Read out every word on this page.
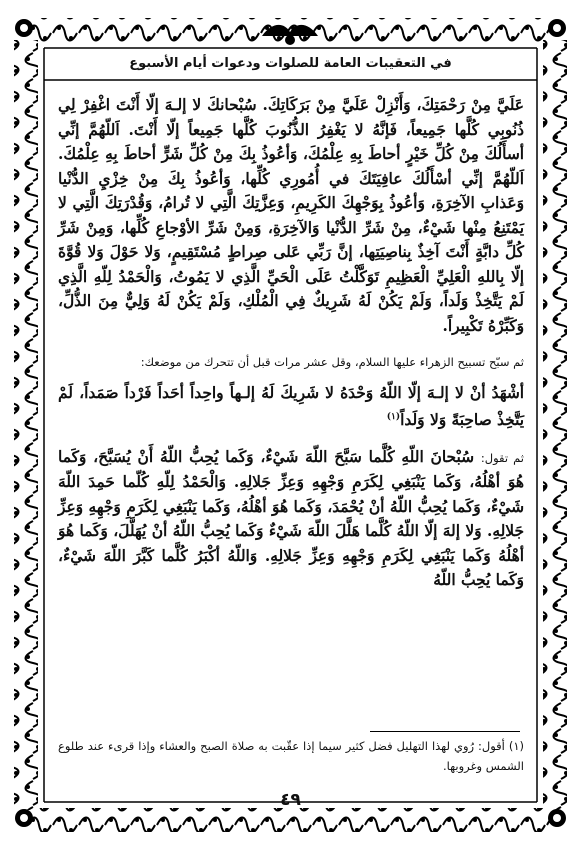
في التعقيبات العامة للصلوات ودعوات أيام الأسبوع

عَلَيَّ مِنْ رَحْمَتِكَ، وَأَنْزِلْ عَلَيَّ مِنْ بَرَكَاتِكَ. سُبْحانكَ لا إلـهَ إلّا أَنْتَ اغْفِرْ لِي ذُنُوبِي كُلَّها جَمِيعاً، فَإنَّهُ لا يَغْفِرُ الذُّنُوبَ كُلَّها جَمِيعاً إلّا أَنْتَ. اَللّهُمَّ إنِّي أسأَلُكَ مِنْ كُلِّ خَيْرٍ أحاطَ بِهِ عِلْمُكَ، وَأعُوذُ بِكَ مِنْ كُلِّ شَرٍّ أحاطَ بِهِ عِلْمُكَ. اَللّهُمَّ إنِّي أسْأَلُكَ عافِيَتَكَ في أُمُورِي كُلِّها، وَأعُوذُ بِكَ مِنْ خِزْيِ الدُّنْيا وَعَذابِ الآخِرَةِ، وَأعُوذُ بِوَجْهِكَ الكَرِيمِ، وَعِزَّتِكَ الَّتِي لا تُرامُ، وَقُدْرَتِكَ الَّتِي لا يَمْتَنِعُ مِنْها شَيْءٌ، مِنْ شَرِّ الدُّنْيا وَالآخِرَةِ، وَمِنْ شَرِّ الأوْجاعِ كُلِّها، وَمِنْ شَرِّ كُلِّ دابَّةٍ أَنْتَ آخِذٌ بِناصِيَتِها، إنَّ رَبِّي عَلى صِراطٍ مُسْتَقِيمٍ، وَلا حَوْلَ وَلا قُوَّةَ إلّا بِاللهِ الْعَلِيِّ الْعَظِيمِ تَوَكَّلْتُ عَلَى الْحَيِّ الَّذِي لا يَمُوتُ، وَالْحَمْدُ لِلّهِ الَّذِي لَمْ يَتَّخِذْ وَلَداً، وَلَمْ يَكُنْ لَهُ شَرِيكٌ فِي الْمُلْكِ، وَلَمْ يَكُنْ لَهُ وَلِيٌّ مِنَ الذُّلِّ، وَكَبِّرْهُ تَكْبِيراً.

ثم سبّح تسبيح الزهراء عليها السلام، وقل عشر مرات قبل أن تتحرك من موضعك:

أشْهَدُ أنْ لا إلـهَ إلّا اللّهُ وَحْدَهُ لا شَرِيكَ لَهُ إلـهاً واحِداً أحَداً فَرْداً صَمَداً، لَمْ يَتَّخِذْ صاحِبَةً وَلا وَلَداً$^{(١)}$

ثم تقول: سُبْحانَ اللّهِ كُلَّما سَبَّحَ اللّهَ شَيْءٌ، وَكَما يُحِبُّ اللّهُ أَنْ يُسَبَّحَ، وَكَما هُوَ أهْلُهُ، وَكَما يَنْبَغِي لِكَرَمِ وَجْهِهِ وَعِزِّ جَلالِهِ. وَالْحَمْدُ لِلّهِ كُلّما حَمِدَ اللّهَ شَيْءٌ، وَكَما يُحِبُّ اللّهُ أنْ يُحْمَدَ، وَكَما هُوَ أهْلُهُ، وَكَما يَنْبَغِي لِكَرَمِ وَجْهِهِ وَعِزِّ جَلالِهِ. وَلا إلهَ إلّا اللّهُ كُلَّما هَلَّلَ اللّهَ شَيْءٌ وَكَما يُحِبُّ اللّهُ أنْ يُهَلَّلَ، وَكَما هُوَ أهْلُهُ وَكَما يَنْبَغِي لِكَرَمِ وَجْهِهِ وَعِزِّ جَلالِهِ. وَاللّهُ أكْبَرُ كُلَّما كَبَّرَ اللّهَ شَيْءٌ، وَكَما يُحِبُّ اللّهُ

(١) أقول: رُوي لهذا التهليل فضل كثير سيما إذا عقّبت به صلاة الصبح والعشاء وإذا قرىء عند طلوع الشمس وغروبها.
٤٩
